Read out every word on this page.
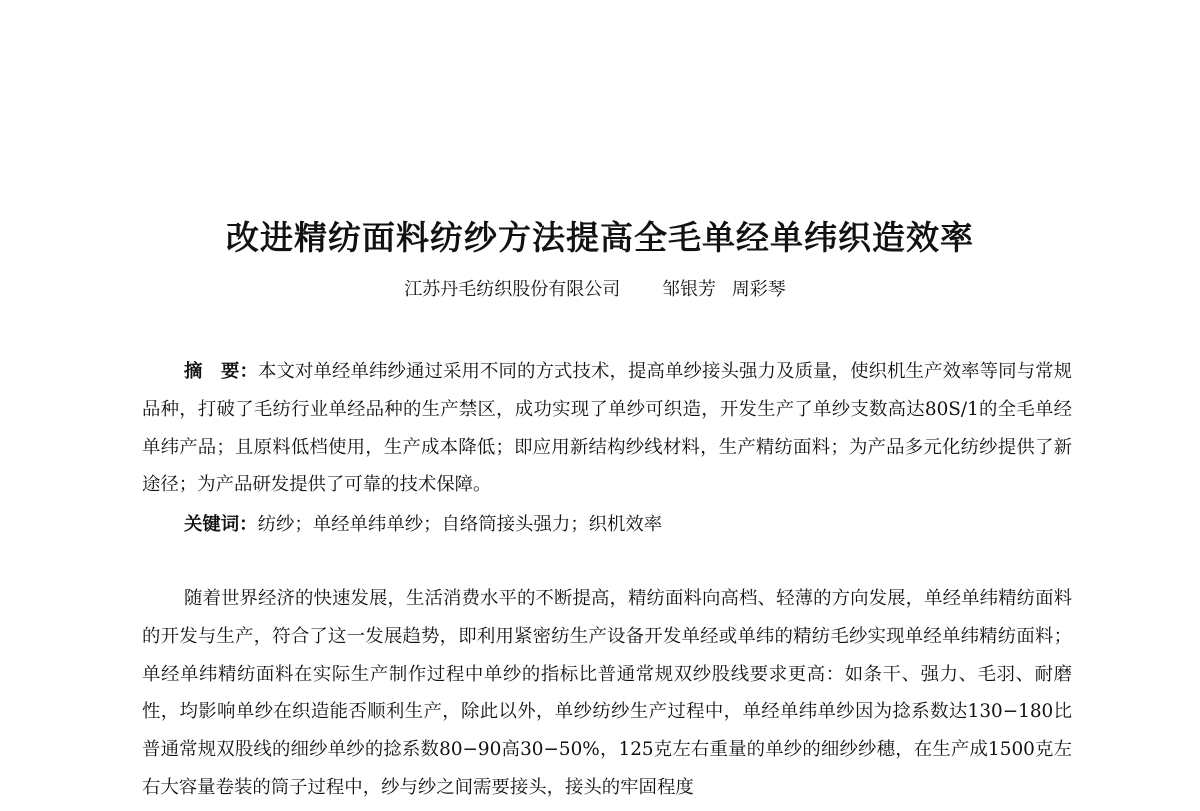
改进精纺面料纺纱方法提高全毛单经单纬织造效率
江苏丹毛纺织股份有限公司 邹银芳 周彩琴

摘　要：本文对单经单纬纱通过采用不同的方式技术，提高单纱接头强力及质量，使织机生产效率等同与常规品种，打破了毛纺行业单经品种的生产禁区，成功实现了单纱可织造，开发生产了单纱支数高达80S/1的全毛单经单纬产品；且原料低档使用，生产成本降低；即应用新结构纱线材料，生产精纺面料；为产品多元化纺纱提供了新途径；为产品研发提供了可靠的技术保障。

关键词：纺纱；单经单纬单纱；自络筒接头强力；织机效率

随着世界经济的快速发展，生活消费水平的不断提高，精纺面料向高档、轻薄的方向发展，单经单纬精纺面料的开发与生产，符合了这一发展趋势，即利用紧密纺生产设备开发单经或单纬的精纺毛纱实现单经单纬精纺面料；单经单纬精纺面料在实际生产制作过程中单纱的指标比普通常规双纱股线要求更高：如条干、强力、毛羽、耐磨性，均影响单纱在织造能否顺利生产，除此以外，单纱纺纱生产过程中，单经单纬单纱因为捻系数达130−180比普通常规双股线的细纱单纱的捻系数80−90高30−50%，125克左右重量的单纱的细纱纱穗，在生产成1500克左右大容量卷装的筒子过程中，纱与纱之间需要接头，接头的牢固程度
